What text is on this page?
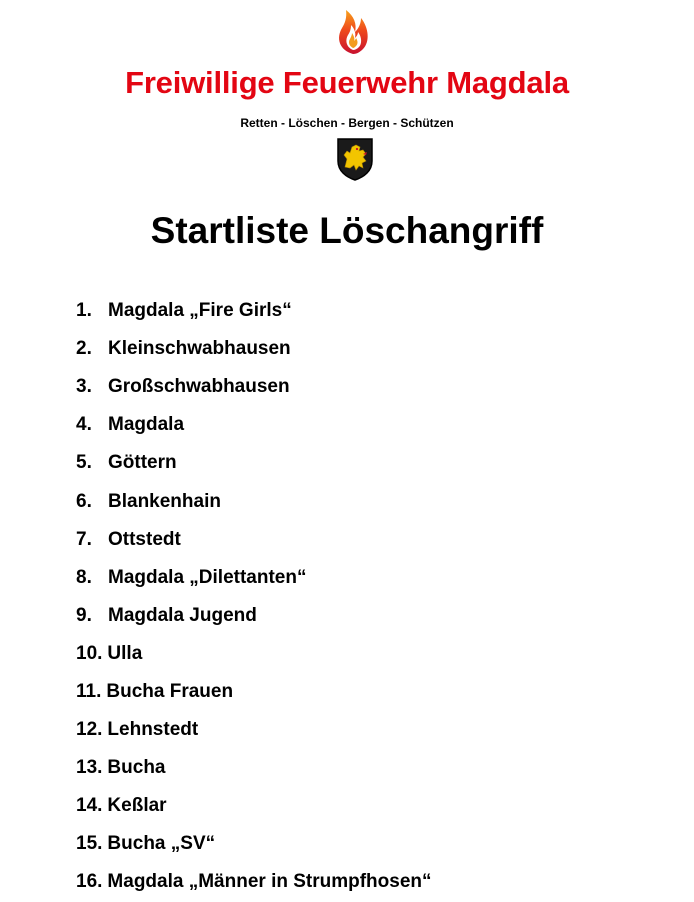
Freiwillige Feuerwehr Magdala
Retten - Löschen - Bergen - Schützen
Startliste Löschangriff
1. Magdala „Fire Girls“
2. Kleinschwabhausen
3. Großschwabhausen
4. Magdala
5. Göttern
6. Blankenhain
7. Ottstedt
8. Magdala „Dilettanten“
9. Magdala Jugend
10. Ulla
11. Bucha Frauen
12. Lehnstedt
13. Bucha
14. Keßlar
15. Bucha „SV“
16. Magdala „Männer in Strumpfhosen“
